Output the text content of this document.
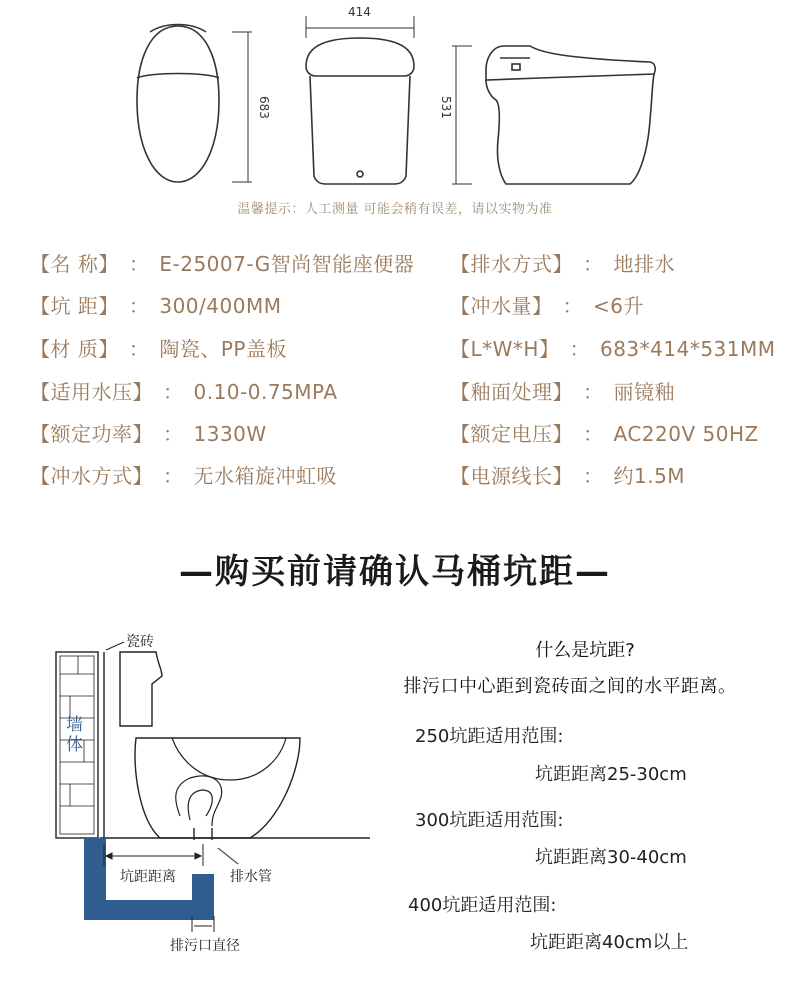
683
414
531
温馨提示：人工测量 可能会稍有误差，请以实物为准
【名 称】 ： E-25007-G智尚智能座便器
【坑 距】 ： 300/400MM
【材 质】 ： 陶瓷、PP盖板
【适用水压】 ： 0.10-0.75MPA
【额定功率】 ： 1330W
【冲水方式】 ： 无水箱旋冲虹吸
【排水方式】 ： 地排水
【冲水量】 ： <6升
【L*W*H】 ： 683*414*531MM
【釉面处理】 ： 丽镜釉
【额定电压】 ： AC220V 50HZ
【电源线长】 ： 约1.5M
—购买前请确认马桶坑距—
瓷砖
墙
体
坑距距离	排水管
排污口直径
什么是坑距?
排污口中心距到瓷砖面之间的水平距离。
250坑距适用范围:
坑距距离25-30cm
300坑距适用范围:
坑距距离30-40cm
400坑距适用范围:
坑距距离40cm以上
